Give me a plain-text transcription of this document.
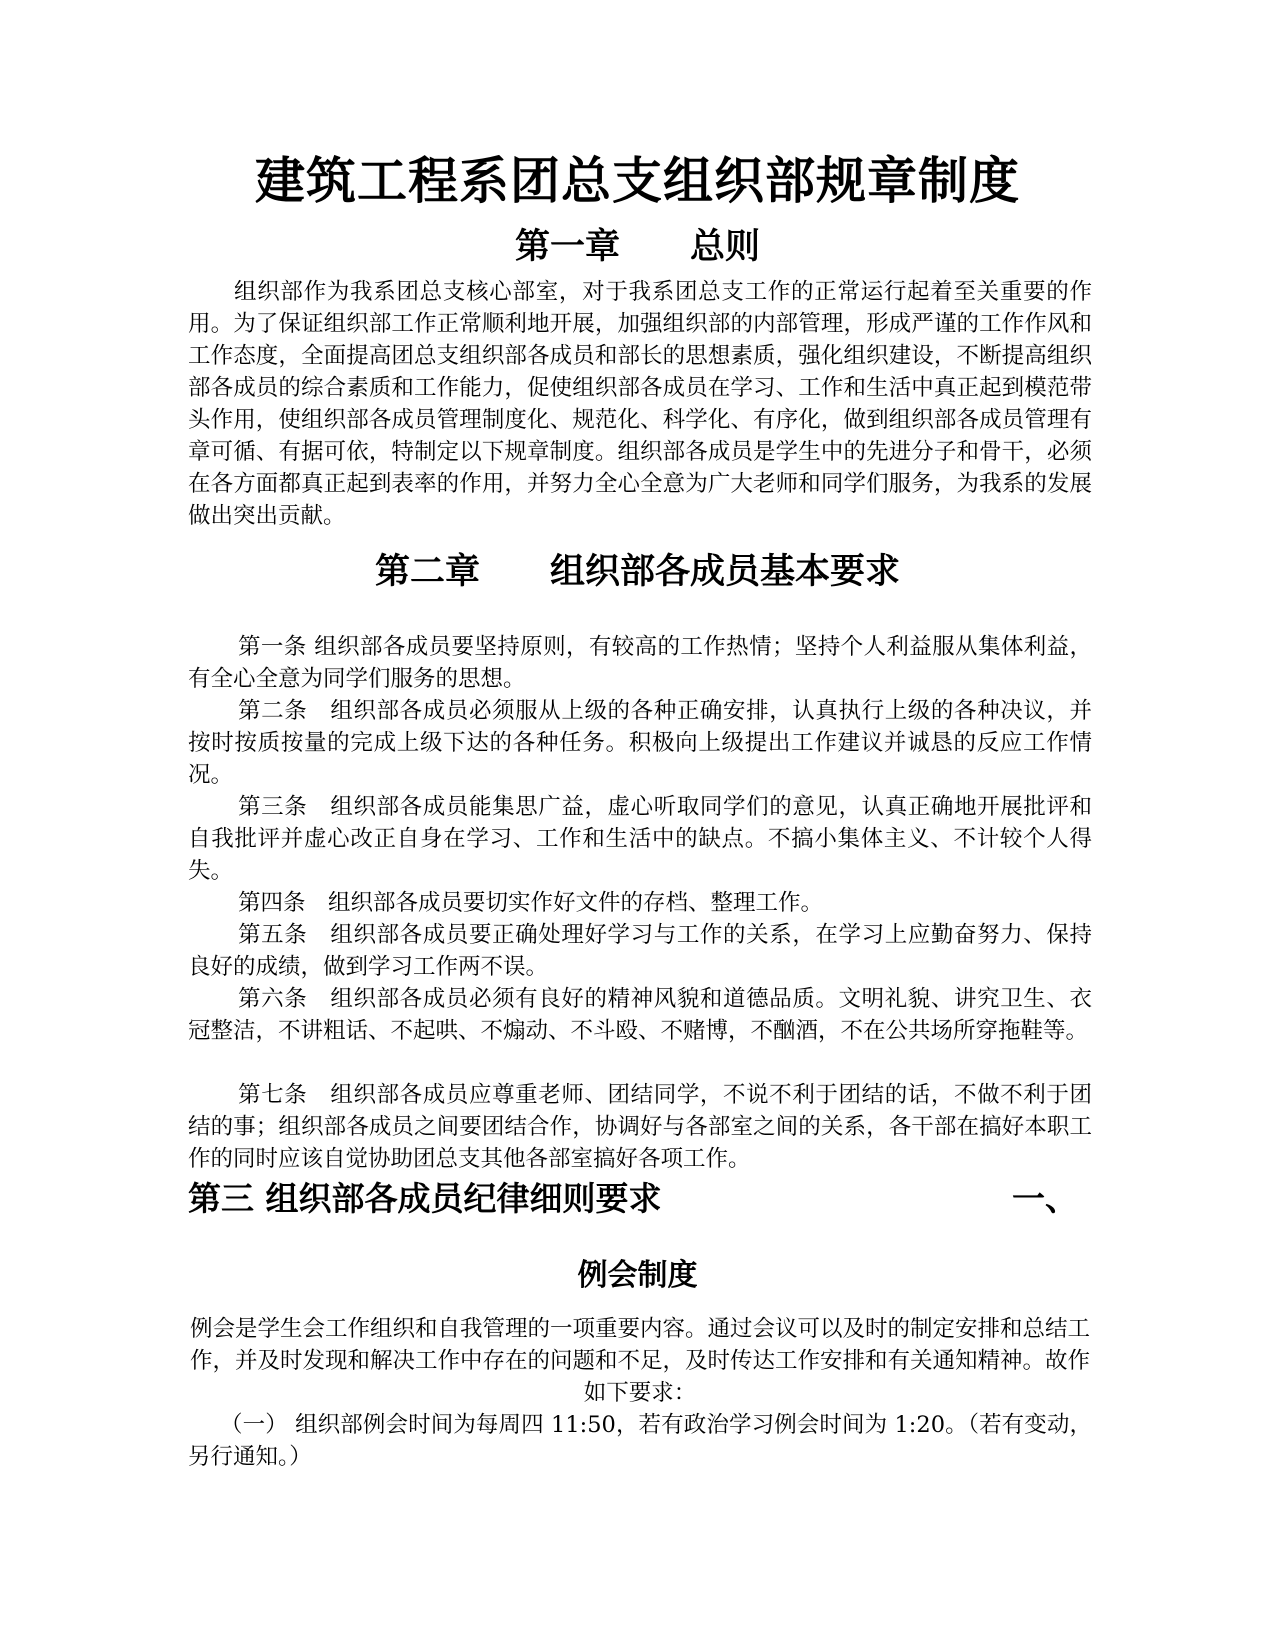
建筑工程系团总支组织部规章制度
第一章　　总则

组织部作为我系团总支核心部室，对于我系团总支工作的正常运行起着至关重要的作用。为了保证组织部工作正常顺利地开展，加强组织部的内部管理，形成严谨的工作作风和工作态度，全面提高团总支组织部各成员和部长的思想素质，强化组织建设，不断提高组织部各成员的综合素质和工作能力，促使组织部各成员在学习、工作和生活中真正起到模范带头作用，使组织部各成员管理制度化、规范化、科学化、有序化，做到组织部各成员管理有章可循、有据可依，特制定以下规章制度。组织部各成员是学生中的先进分子和骨干，必须在各方面都真正起到表率的作用，并努力全心全意为广大老师和同学们服务，为我系的发展做出突出贡献。

第二章　　组织部各成员基本要求

第一条 组织部各成员要坚持原则，有较高的工作热情；坚持个人利益服从集体利益，有全心全意为同学们服务的思想。

第二条　组织部各成员必须服从上级的各种正确安排，认真执行上级的各种决议，并按时按质按量的完成上级下达的各种任务。积极向上级提出工作建议并诚恳的反应工作情况。

第三条　组织部各成员能集思广益，虚心听取同学们的意见，认真正确地开展批评和自我批评并虚心改正自身在学习、工作和生活中的缺点。不搞小集体主义、不计较个人得失。

第四条　组织部各成员要切实作好文件的存档、整理工作。

第五条　组织部各成员要正确处理好学习与工作的关系，在学习上应勤奋努力、保持良好的成绩，做到学习工作两不误。

第六条　组织部各成员必须有良好的精神风貌和道德品质。文明礼貌、讲究卫生、衣冠整洁，不讲粗话、不起哄、不煽动、不斗殴、不赌博，不酗酒，不在公共场所穿拖鞋等。

第七条　组织部各成员应尊重老师、团结同学，不说不利于团结的话，不做不利于团结的事；组织部各成员之间要团结合作，协调好与各部室之间的关系，各干部在搞好本职工作的同时应该自觉协助团总支其他各部室搞好各项工作。

第三 组织部各成员纪律细则要求	一、
例会制度

例会是学生会工作组织和自我管理的一项重要内容。通过会议可以及时的制定安排和总结工作，并及时发现和解决工作中存在的问题和不足，及时传达工作安排和有关通知精神。故作如下要求：

（一） 组织部例会时间为每周四 11:50，若有政治学习例会时间为 1:20。（若有变动，另行通知。）
